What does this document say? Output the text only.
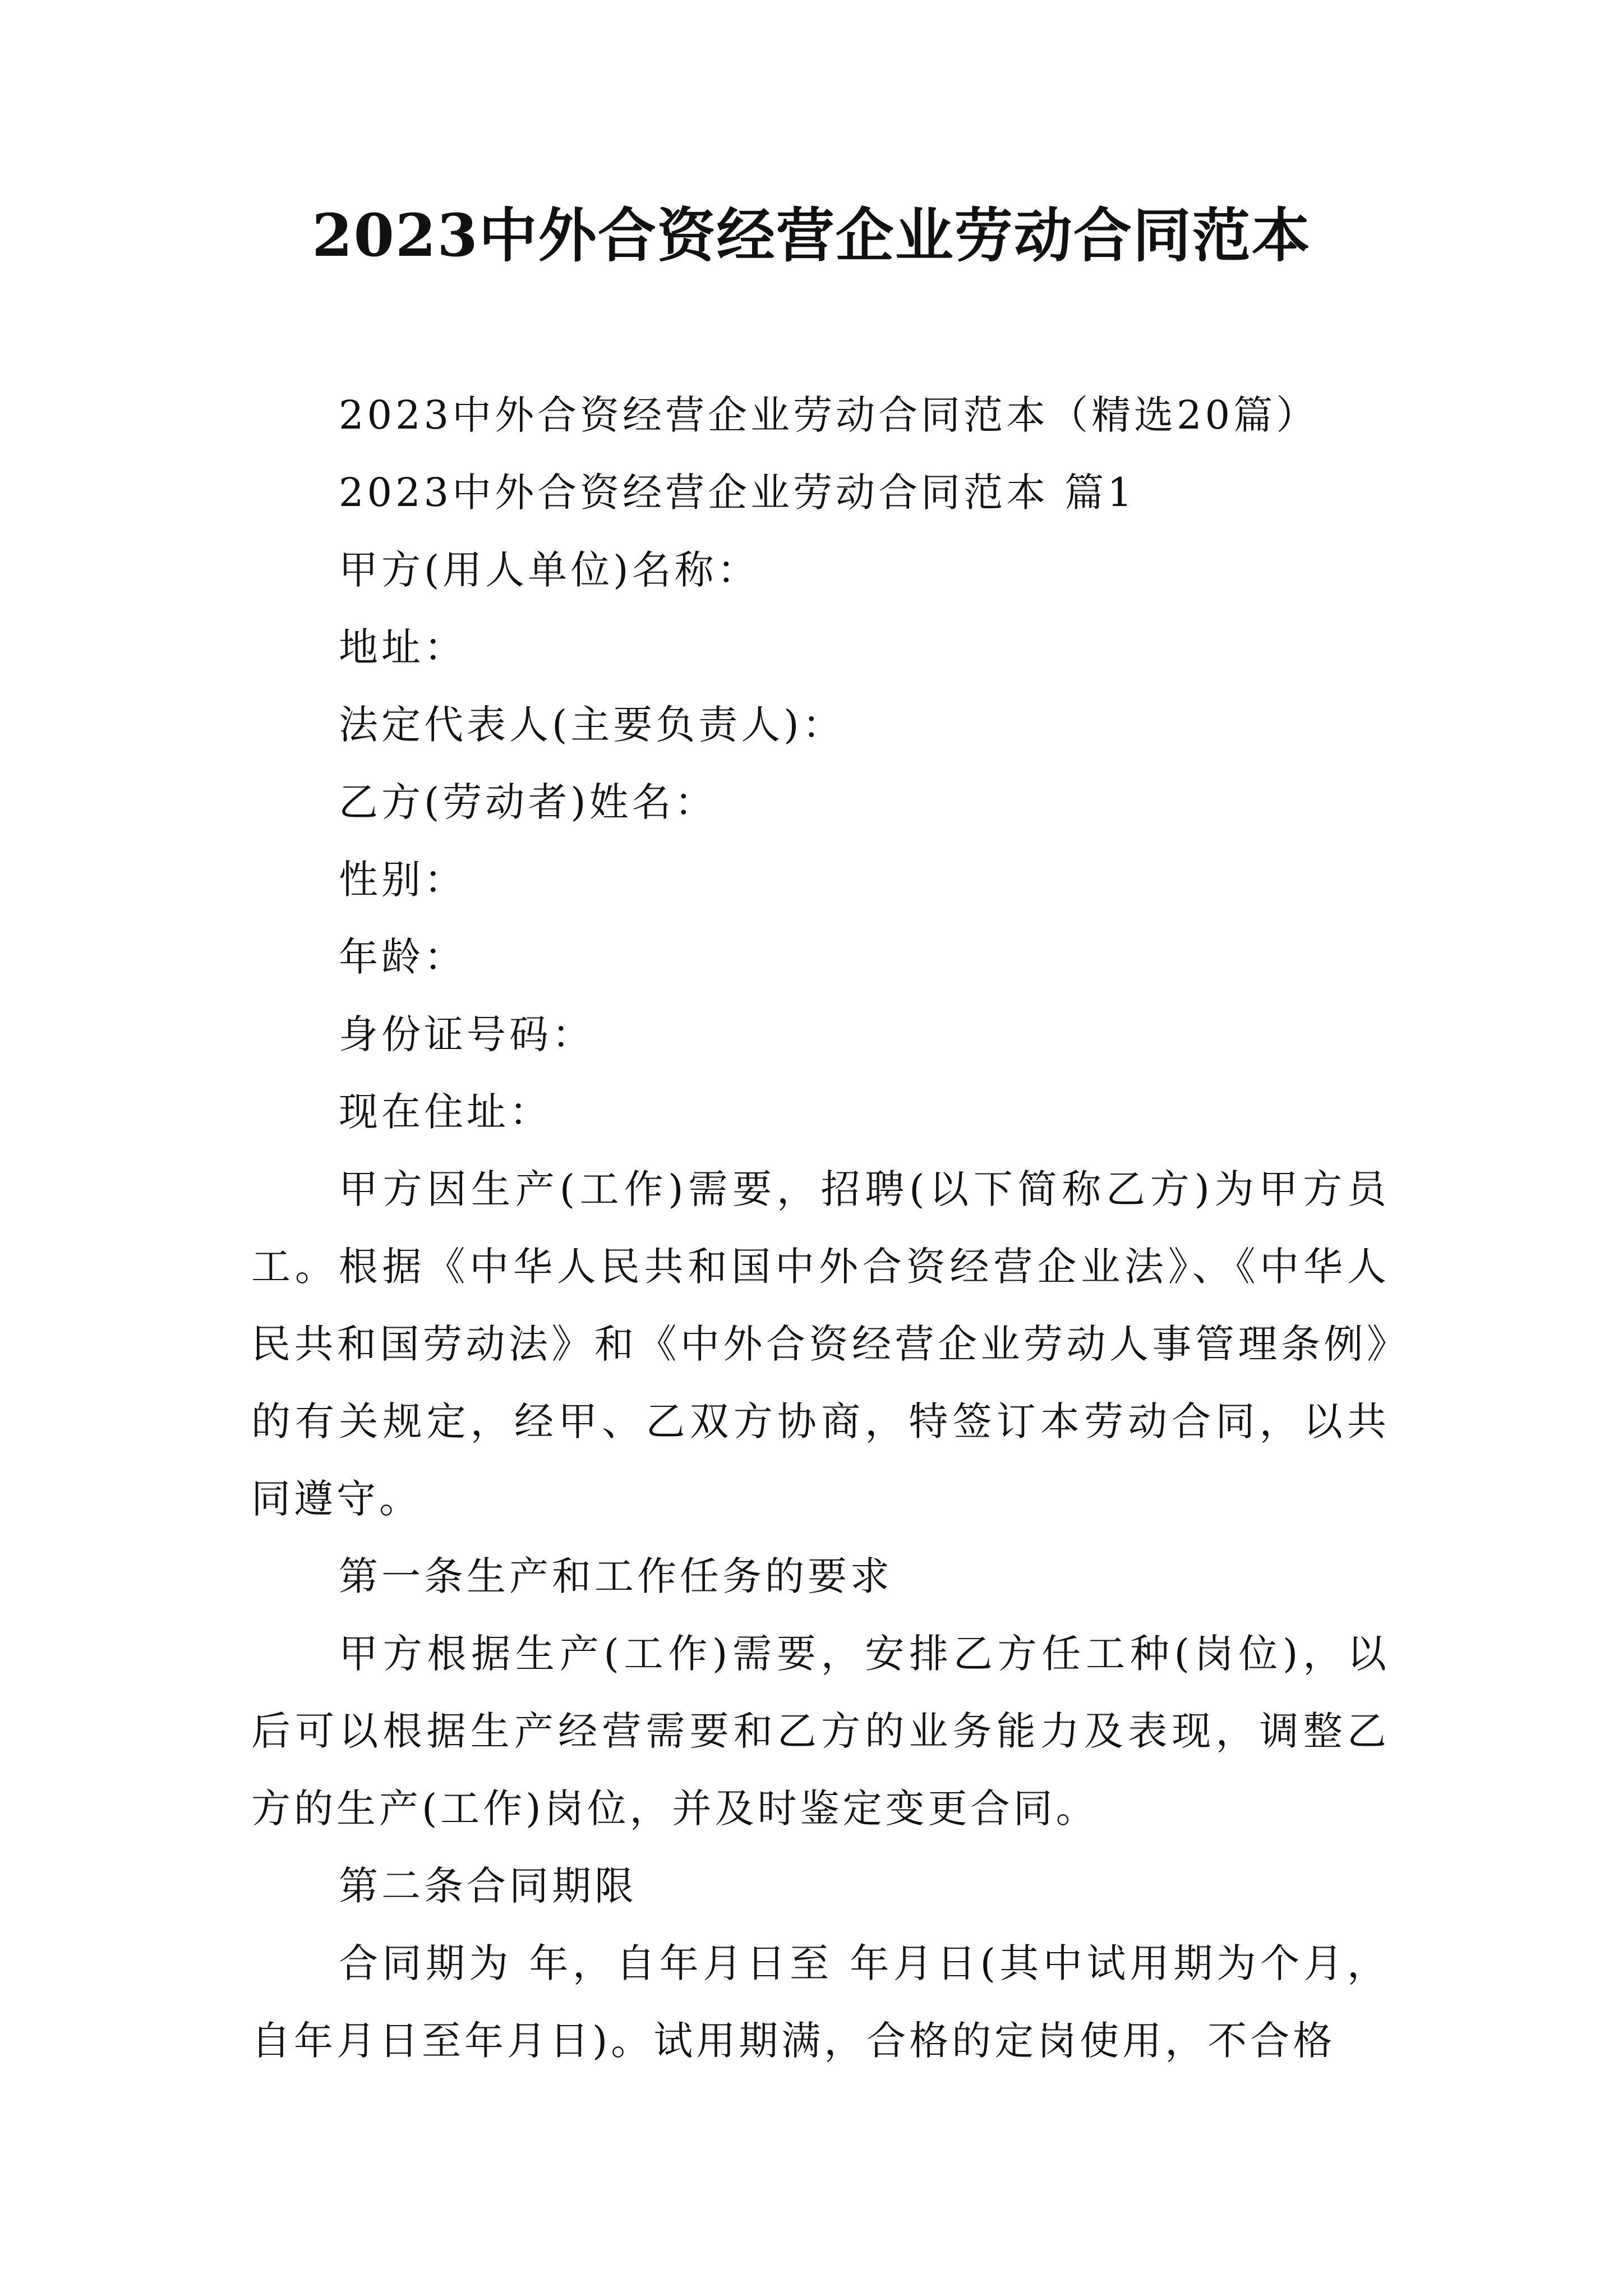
2023中外合资经营企业劳动合同范本
2023中外合资经营企业劳动合同范本（精选20篇）
2023中外合资经营企业劳动合同范本 篇1
甲方(用人单位)名称：
地址：
法定代表人(主要负责人)：
乙方(劳动者)姓名：
性别：
年龄：
身份证号码：
现在住址：

甲方因生产(工作)需要，招聘(以下简称乙方)为甲方员工。根据《中华人民共和国中外合资经营企业法》、《中华人民共和国劳动法》和《中外合资经营企业劳动人事管理条例》的有关规定，经甲、乙双方协商，特签订本劳动合同，以共同遵守。

第一条生产和工作任务的要求

甲方根据生产(工作)需要，安排乙方任工种(岗位)，以后可以根据生产经营需要和乙方的业务能力及表现，调整乙方的生产(工作)岗位，并及时鉴定变更合同。

第二条合同期限

合同期为 年，自年月日至 年月日(其中试用期为个月，自年月日至年月日)。试用期满，合格的定岗使用，不合格
